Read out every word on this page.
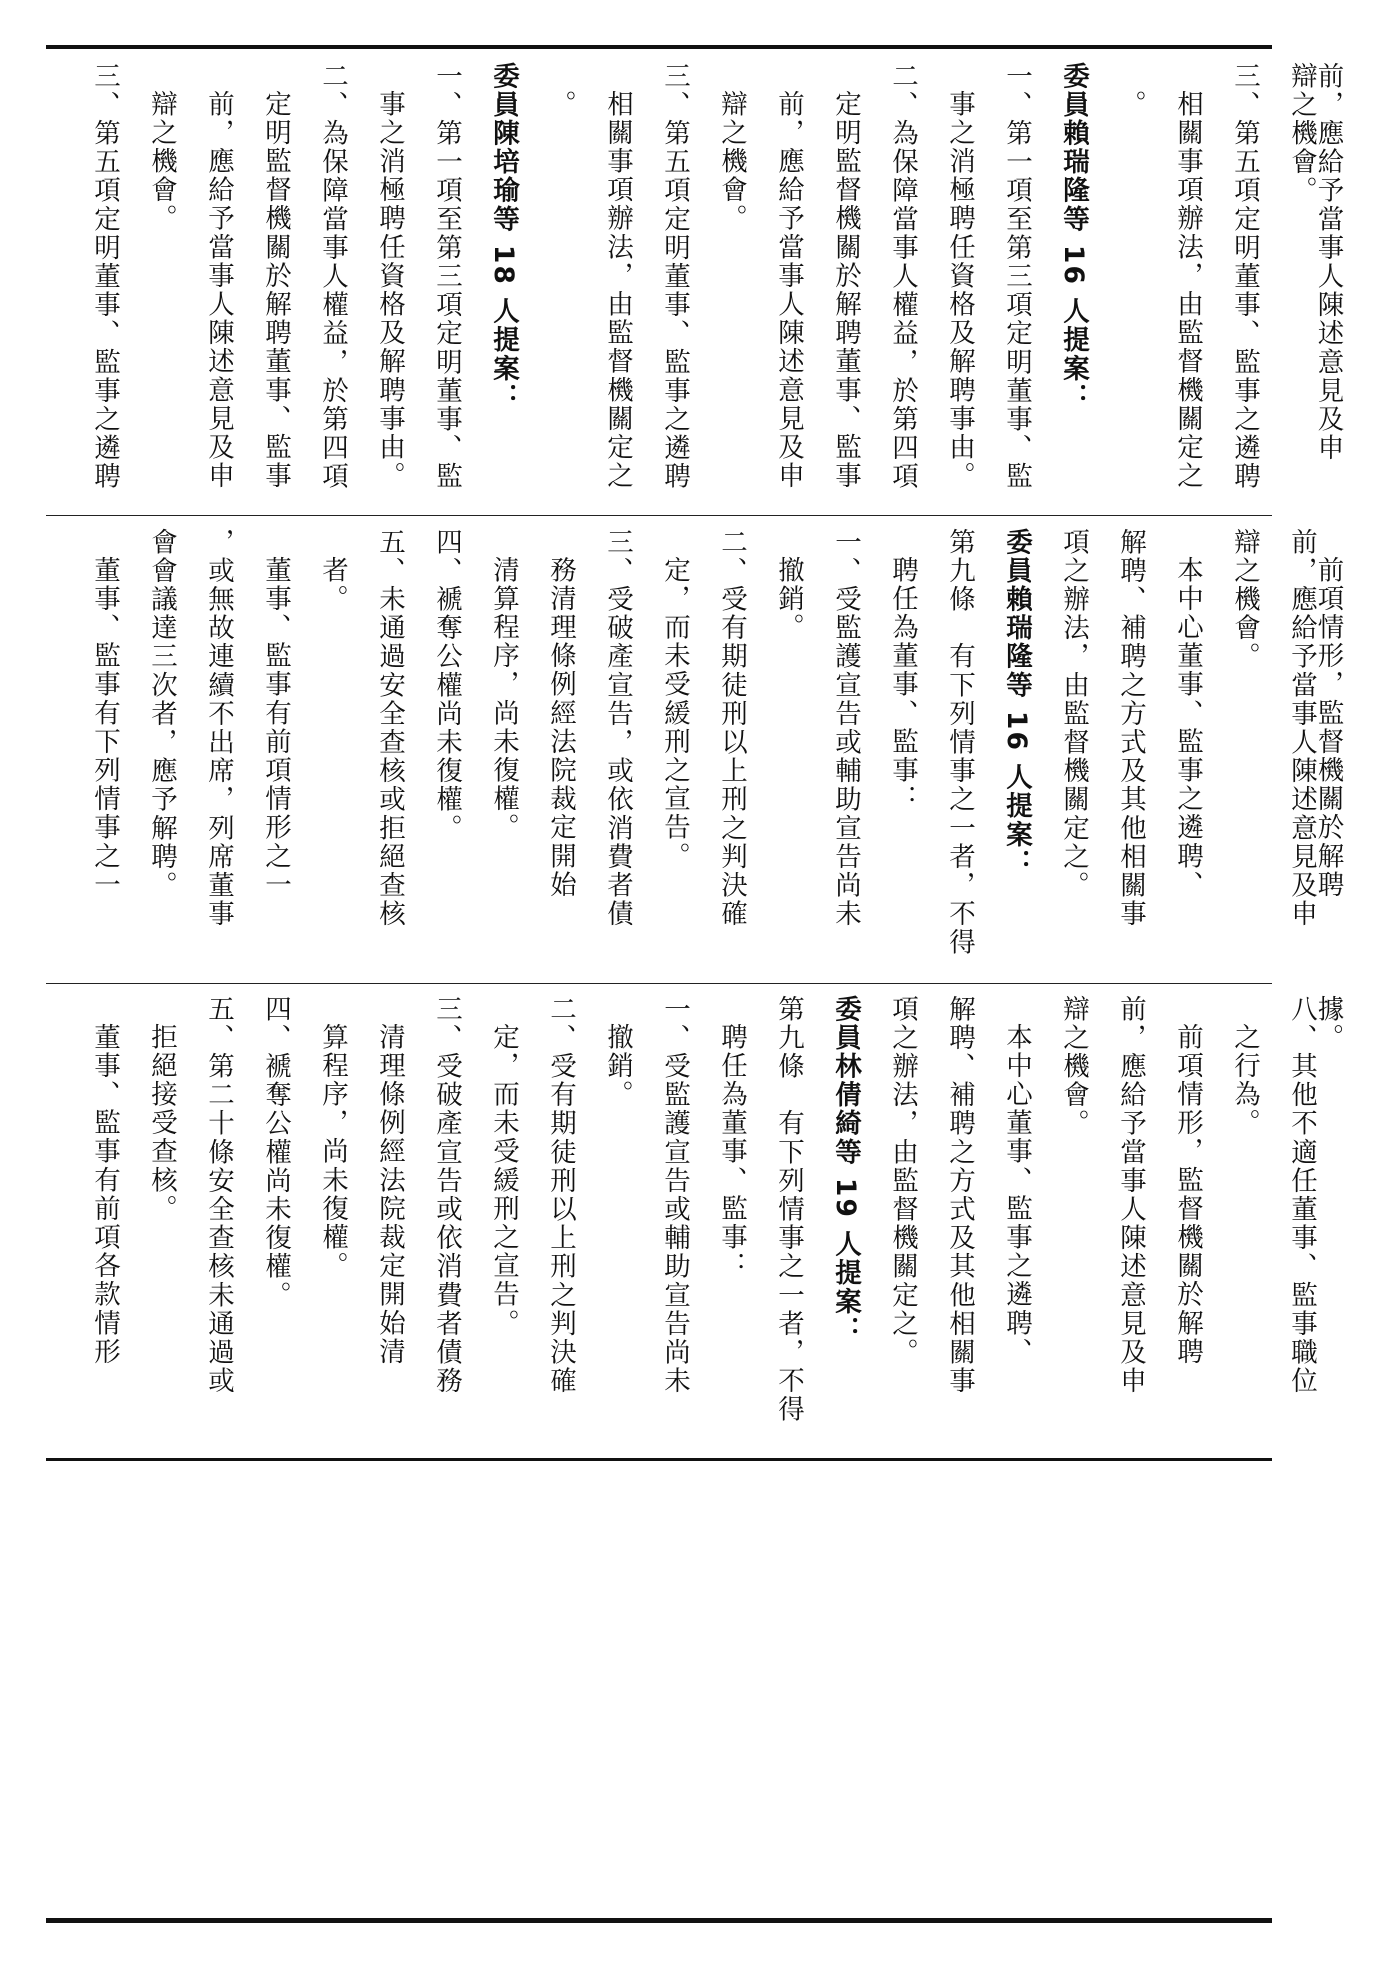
前，應給予當事人陳述意見及申
辯之機會。
三、第五項定明董事、監事之遴聘
相關事項辦法，由監督機關定之
。
委員賴瑞隆等 16 人提案：
一、第一項至第三項定明董事、監
事之消極聘任資格及解聘事由。
二、為保障當事人權益，於第四項
定明監督機關於解聘董事、監事
前，應給予當事人陳述意見及申
辯之機會。
三、第五項定明董事、監事之遴聘
相關事項辦法，由監督機關定之
。
委員陳培瑜等 18 人提案：
一、第一項至第三項定明董事、監
事之消極聘任資格及解聘事由。
二、為保障當事人權益，於第四項
定明監督機關於解聘董事、監事
前，應給予當事人陳述意見及申
辯之機會。
三、第五項定明董事、監事之遴聘
前項情形，監督機關於解聘
前，應給予當事人陳述意見及申
辯之機會。
本中心董事、監事之遴聘、
解聘、補聘之方式及其他相關事
項之辦法，由監督機關定之。
委員賴瑞隆等 16 人提案：
第九條　有下列情事之一者，不得
聘任為董事、監事：
一、受監護宣告或輔助宣告尚未
撤銷。
二、受有期徒刑以上刑之判決確
定，而未受緩刑之宣告。
三、受破產宣告，或依消費者債
務清理條例經法院裁定開始
清算程序，尚未復權。
四、褫奪公權尚未復權。
五、未通過安全查核或拒絕查核
者。
董事、監事有前項情形之一
，或無故連續不出席，列席董事
會會議達三次者，應予解聘。
董事、監事有下列情事之一
據。
八、其他不適任董事、監事職位
之行為。
前項情形，監督機關於解聘
前，應給予當事人陳述意見及申
辯之機會。
本中心董事、監事之遴聘、
解聘、補聘之方式及其他相關事
項之辦法，由監督機關定之。
委員林倩綺等 19 人提案：
第九條　有下列情事之一者，不得
聘任為董事、監事：
一、受監護宣告或輔助宣告尚未
撤銷。
二、受有期徒刑以上刑之判決確
定，而未受緩刑之宣告。
三、受破產宣告或依消費者債務
清理條例經法院裁定開始清
算程序，尚未復權。
四、褫奪公權尚未復權。
五、第二十條安全查核未通過或
拒絕接受查核。
董事、監事有前項各款情形
